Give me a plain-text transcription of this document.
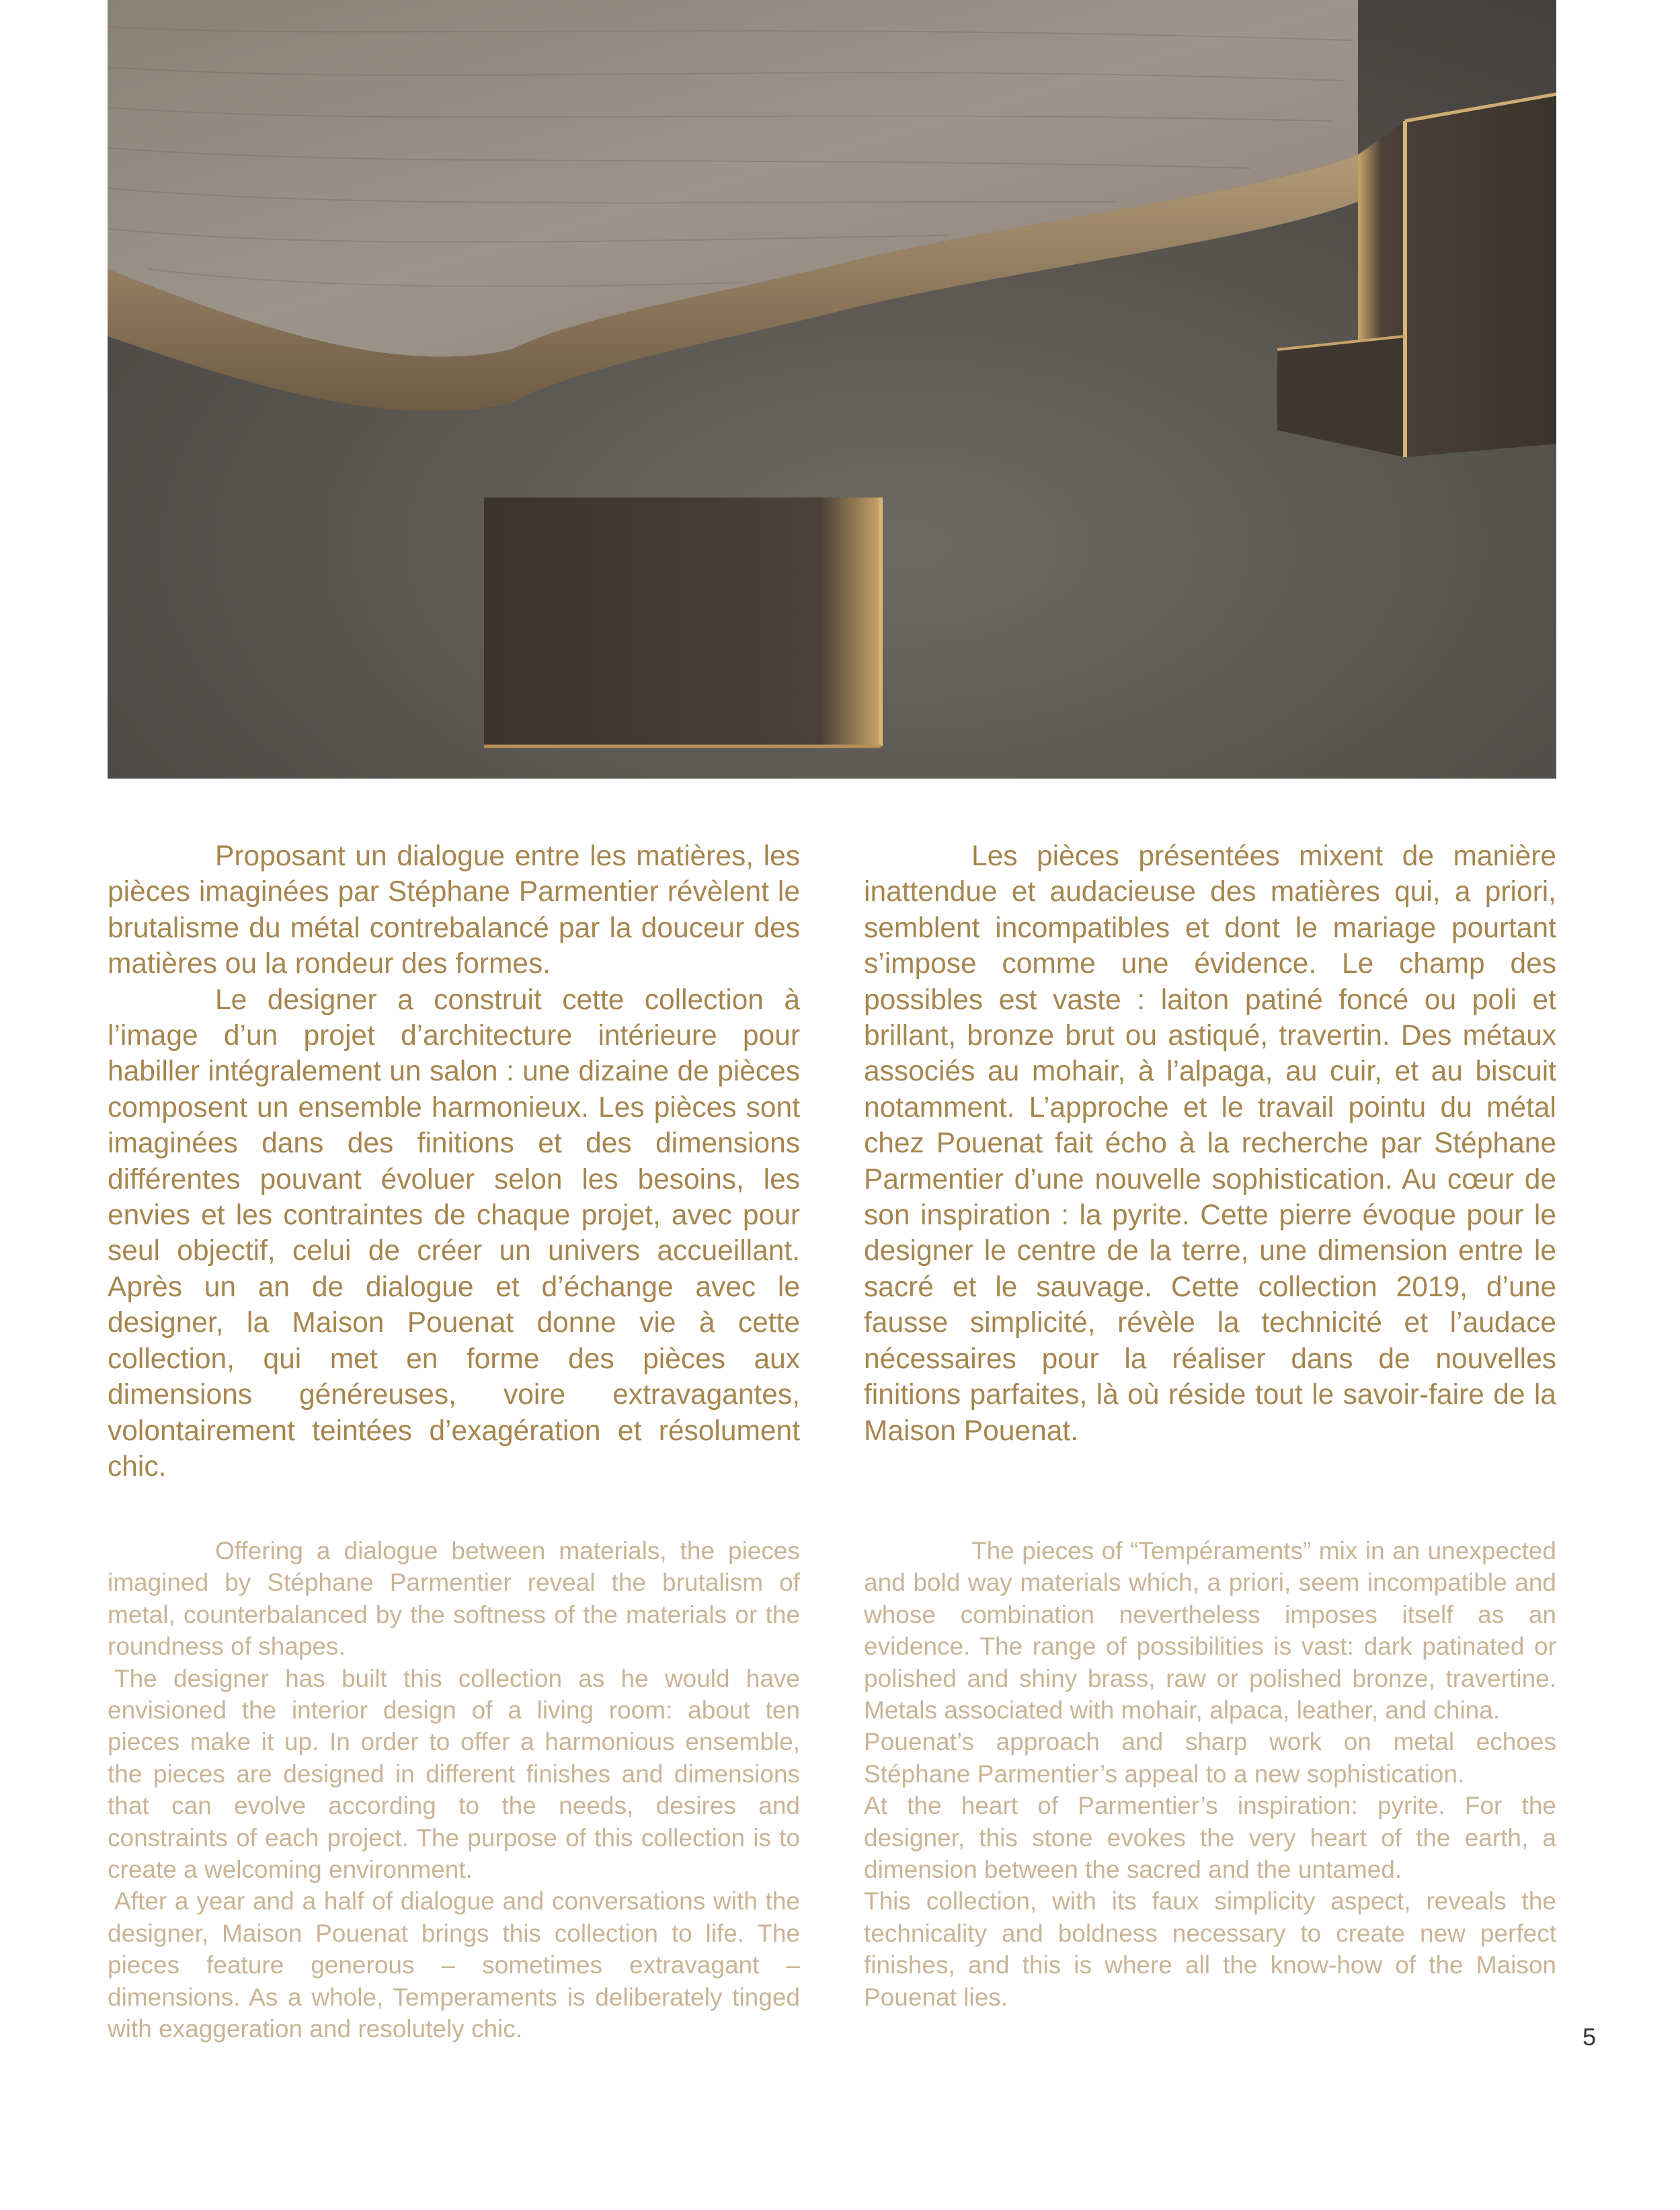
Proposant un dialogue entre les matières, les pièces imaginées par Stéphane Parmentier révèlent le brutalisme du métal contrebalancé par la douceur des matières ou la rondeur des formes.

Le designer a construit cette collection à l’image d’un projet d’architecture intérieure pour habiller intégralement un salon : une dizaine de pièces composent un ensemble harmonieux. Les pièces sont imaginées dans des finitions et des dimensions différentes pouvant évoluer selon les besoins, les envies et les contraintes de chaque projet, avec pour seul objectif, celui de créer un univers accueillant. Après un an de dialogue et d’échange avec le designer, la Maison Pouenat donne vie à cette collection, qui met en forme des pièces aux dimensions généreuses, voire extravagantes, volontairement teintées d’exagération et résolument chic.

Les pièces présentées mixent de manière inattendue et audacieuse des matières qui, a priori, semblent incompatibles et dont le mariage pourtant s’impose comme une évidence. Le champ des possibles est vaste : laiton patiné foncé ou poli et brillant, bronze brut ou astiqué, travertin. Des métaux associés au mohair, à l’alpaga, au cuir, et au biscuit notamment. L’approche et le travail pointu du métal chez Pouenat fait écho à la recherche par Stéphane Parmentier d’une nouvelle sophistication. Au cœur de son inspiration : la pyrite. Cette pierre évoque pour le designer le centre de la terre, une dimension entre le sacré et le sauvage. Cette collection 2019, d’une fausse simplicité, révèle la technicité et l’audace nécessaires pour la réaliser dans de nouvelles finitions parfaites, là où réside tout le savoir-faire de la Maison Pouenat.

Offering a dialogue between materials, the pieces imagined by Stéphane Parmentier reveal the brutalism of metal, counterbalanced by the softness of the materials or the roundness of shapes.

The designer has built this collection as he would have envisioned the interior design of a living room: about ten pieces make it up. In order to offer a harmonious ensemble, the pieces are designed in different finishes and dimensions that can evolve according to the needs, desires and constraints of each project. The purpose of this collection is to create a welcoming environment.

After a year and a half of dialogue and conversations with the designer, Maison Pouenat brings this collection to life. The pieces feature generous – sometimes extravagant – dimensions. As a whole, Temperaments is deliberately tinged with exaggeration and resolutely chic.

The pieces of “Tempéraments” mix in an unexpected and bold way materials which, a priori, seem incompatible and whose combination nevertheless imposes itself as an evidence. The range of possibilities is vast: dark patinated or polished and shiny brass, raw or polished bronze, travertine. Metals associated with mohair, alpaca, leather, and china.

Pouenat’s approach and sharp work on metal echoes Stéphane Parmentier’s appeal to a new sophistication.

At the heart of Parmentier’s inspiration: pyrite. For the designer, this stone evokes the very heart of the earth, a dimension between the sacred and the untamed.

This collection, with its faux simplicity aspect, reveals the technicality and boldness necessary to create new perfect finishes, and this is where all the know-how of the Maison Pouenat lies.

5
